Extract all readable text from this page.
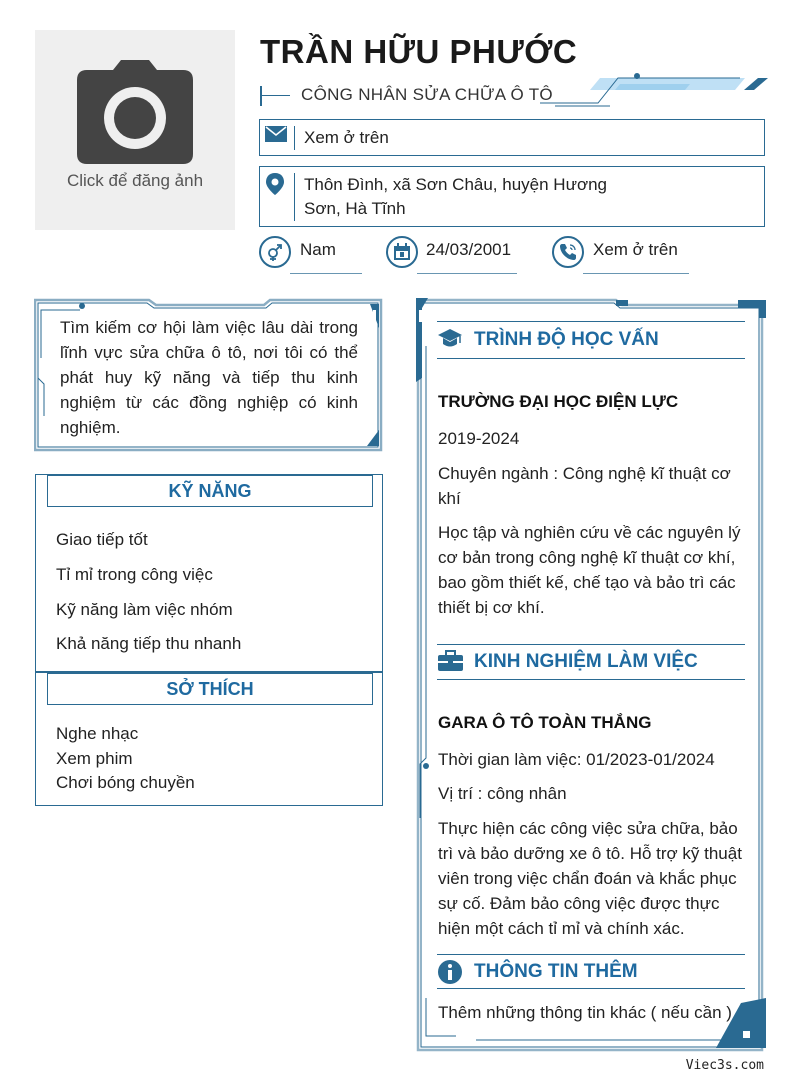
Click để đăng ảnh
TRẦN HỮU PHƯỚC
CÔNG NHÂN SỬA CHỮA Ô TÔ
Xem ở trên
Thôn Đình, xã Sơn Châu, huyện Hương
Sơn, Hà Tĩnh
Nam	24/03/2001	Xem ở trên
Tìm kiếm cơ hội làm việc lâu dài trong
lĩnh vực sửa chữa ô tô, nơi tôi có thể
phát huy kỹ năng và tiếp thu kinh
nghiệm từ các đồng nghiệp có kinh
nghiệm.
KỸ NĂNG
Giao tiếp tốt
Tỉ mỉ trong công việc
Kỹ năng làm việc nhóm
Khả năng tiếp thu nhanh
SỞ THÍCH
Nghe nhạc
Xem phim
Chơi bóng chuyền
TRÌNH ĐỘ HỌC VẤN
TRƯỜNG ĐẠI HỌC ĐIỆN LỰC
2019-2024
Chuyên ngành : Công nghệ kĩ thuật cơ
khí
Học tập và nghiên cứu về các nguyên lý
cơ bản trong công nghệ kĩ thuật cơ khí,
bao gồm thiết kế, chế tạo và bảo trì các
thiết bị cơ khí.
KINH NGHIỆM LÀM VIỆC
GARA Ô TÔ TOÀN THẮNG
Thời gian làm việc: 01/2023-01/2024
Vị trí : công nhân
Thực hiện các công việc sửa chữa, bảo
trì và bảo dưỡng xe ô tô. Hỗ trợ kỹ thuật
viên trong việc chẩn đoán và khắc phục
sự cố. Đảm bảo công việc được thực
hiện một cách tỉ mỉ và chính xác.
THÔNG TIN THÊM
Thêm những thông tin khác ( nếu cần )
Viec3s.com
